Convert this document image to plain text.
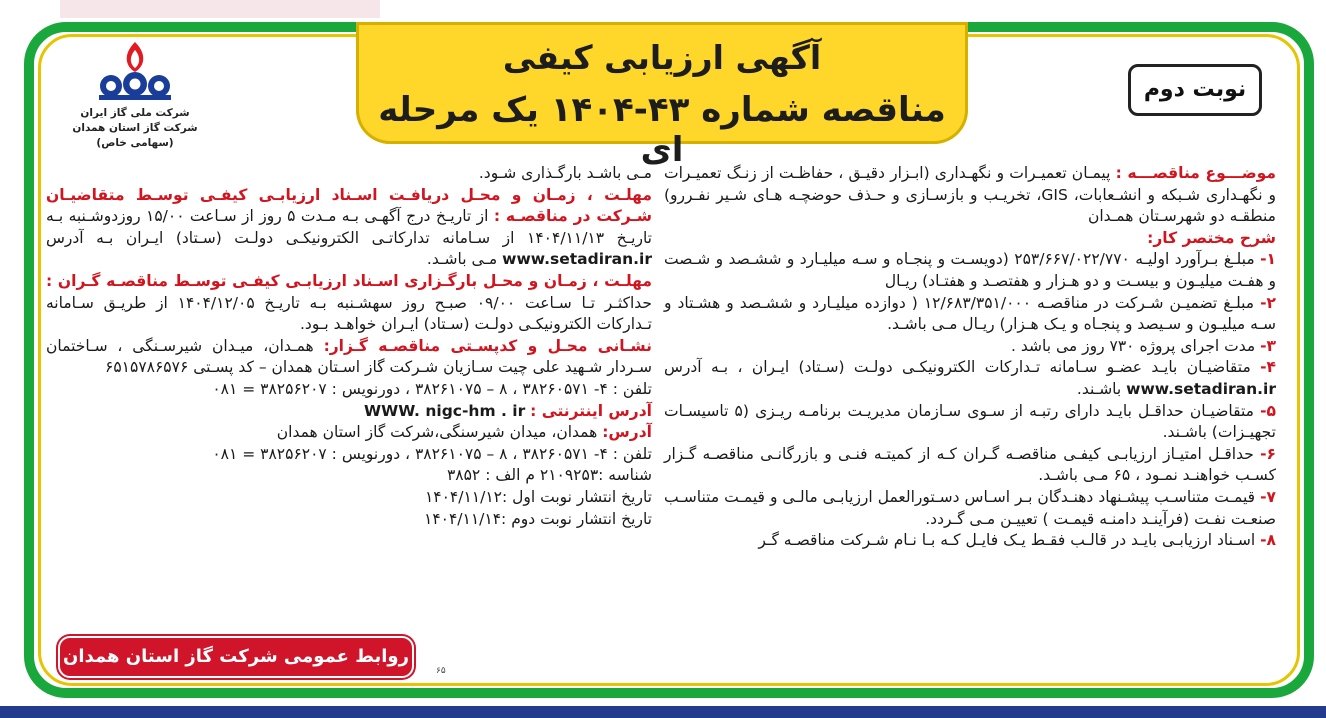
آگهی ارزیابی کیفی
مناقصه شماره ۴۳-۱۴۰۴ یک مرحله ای
شرکت ملی گاز ایران
شرکت گاز استان همدان
(سهامی خاص)
نوبت دوم

موضـــوع مناقصـــه : پیمـان تعمیـرات و نگهـداری (ابـزار دقیـق ، حفاظـت از زنـگ تعمیـرات و نگهـداری شـبکه و انشـعابات، GIS، تخریـب و بازسـازی و حـذف حوضچـه هـای شـیر نفـررو) منطقـه دو شهرسـتان همـدان

شرح مختصر کار:

۱- مبلـغ بـرآورد اولیـه ۲۵۳/۶۶۷/۰۲۲/۷۷۰ (دویسـت و پنجـاه و سـه میلیـارد و ششـصد و شـصت و هفـت میلیـون و بیسـت و دو هـزار و هفتصـد و هفتـاد) ریـال

۲- مبلـغ تضمیـن شـرکت در مناقصـه ۱۲/۶۸۳/۳۵۱/۰۰۰ ( دوازده میلیـارد و ششـصد و هشـتاد و سـه میلیـون و سـیصد و پنجـاه و یـک هـزار) ریـال مـی باشـد.

۳- مدت اجرای پروژه ۷۳۰ روز می باشد .

۴- متقاضیـان بایـد عضـو سـامانه تـدارکات الکترونیکـی دولـت (سـتاد) ایـران ، بـه آدرس www.setadiran.ir باشـند.

۵- متقاضیـان حداقـل بایـد دارای رتبـه از سـوی سـازمان مدیریـت برنامـه ریـزی (۵ تاسیسـات تجهیـزات) باشـند.

۶- حداقـل امتیـاز ارزیابـی کیفـی مناقصـه گـران کـه از کمیتـه فنـی و بازرگانـی مناقصـه گـزار کسـب خواهنـد نمـود ، ۶۵ مـی باشـد.

۷- قیمـت متناسـب پیشـنهاد دهنـدگان بـر اسـاس دسـتورالعمل ارزیابـی مالـی و قیمـت متناسـب صنعـت نفـت (فرآینـد دامنـه قیمـت ) تعییـن مـی گـردد.

۸- اسـناد ارزیابـی بایـد در قالـب فقـط یـک فایـل کـه بـا نـام شـرکت مناقصـه گـر

مـی باشـد بارگـذاری شـود.

مهلـت ، زمـان و محـل دریافـت اسـناد ارزیابـی کیفـی توسـط متقاضیـان شـرکت در مناقصـه : از تاریـخ درج آگهـی بـه مـدت ۵ روز از سـاعت ۱۵/۰۰ روزدوشـنبه بـه تاریـخ ۱۴۰۴/۱۱/۱۳ از سـامانه تدارکاتـی الکترونیکـی دولـت (سـتاد) ایـران بـه آدرس www.setadiran.ir مـی باشـد.

مهلـت ، زمـان و محـل بارگـزاری اسـناد ارزیابـی کیفـی توسـط مناقصـه گـران : حداکثـر تـا سـاعت ۰۹/۰۰ صبـح روز سهشـنبه بـه تاریـخ ۱۴۰۴/۱۲/۰۵ از طریـق سـامانه تـدارکات الکترونیکـی دولـت (سـتاد) ایـران خواهـد بـود.

نشـانی محـل و کدپسـتی مناقصـه گـزار: همـدان، میـدان شیرسـنگی ، سـاختمان سـردار شـهید علی چیت سـازیان شـرکت گاز اسـتان همدان – کد پسـتی ۶۵۱۵۷۸۶۵۷۶

تلفن : ۴- ۳۸۲۶۰۵۷۱ ، ۸ – ۳۸۲۶۱۰۷۵ ، دورنویس : ۳۸۲۵۶۲۰۷ = ۰۸۱

آدرس اینترنتی : WWW. nigc-hm . ir

آدرس: همدان، میدان شیرسنگی،شرکت گاز استان همدان

تلفن : ۴- ۳۸۲۶۰۵۷۱ ، ۸ – ۳۸۲۶۱۰۷۵ ، دورنویس : ۳۸۲۵۶۲۰۷ = ۰۸۱

شناسه :۲۱۰۹۲۵۳ م الف : ۳۸۵۲

تاریخ انتشار نوبت اول :۱۴۰۴/۱۱/۱۲

تاریخ انتشار نوبت دوم :۱۴۰۴/۱۱/۱۴

روابط عمومی شرکت گاز استان همدان
۶۵
